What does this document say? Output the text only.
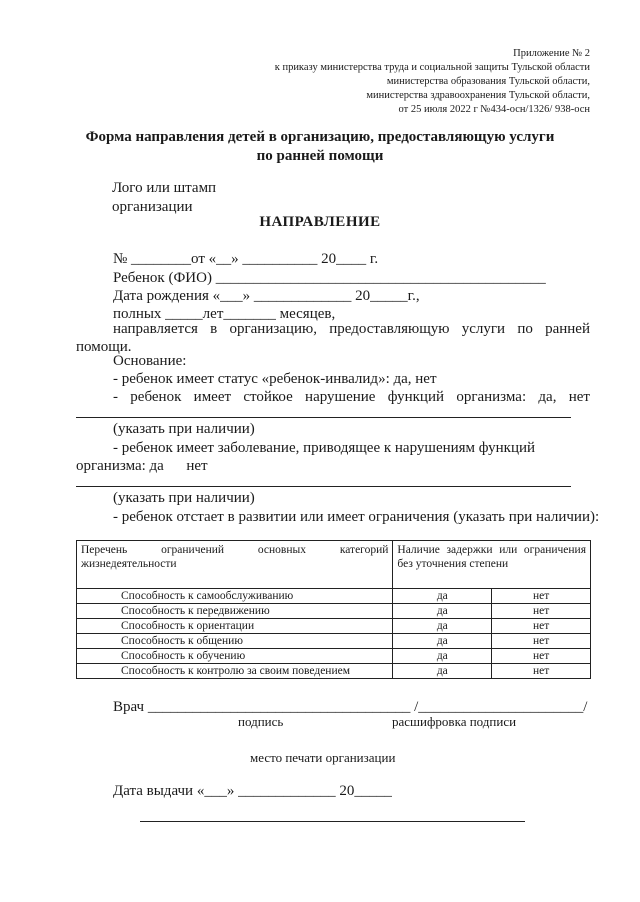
Приложение № 2
к приказу министерства труда и социальной защиты Тульской области
министерства образования Тульской области,
министерства здравоохранения Тульской области,
от 25 июля 2022 г №434-осн/1326/ 938-осн
Форма направления детей в организацию, предоставляющую услуги
по ранней помощи
Лого или штамп
организации
НАПРАВЛЕНИЕ
№ ________от «__» __________ 20____ г.
Ребенок (ФИО) ____________________________________________
Дата рождения «___» _____________ 20_____г.,
полных _____лет_______ месяцев,
направляется в организацию, предоставляющую услуги по ранней
помощи.
Основание:
- ребенок имеет статус «ребенок-инвалид»: да, нет
- ребенок имеет стойкое нарушение функций организма: да, нет
(указать при наличии)
- ребенок имеет заболевание, приводящее к нарушениям функций
организма: да      нет
(указать при наличии)
- ребенок отстает в развитии или имеет ограничения (указать при наличии):
Перечень ограничений основных категорий жизнедеятельности	Наличие задержки или ограничения без уточнения степени	
Способность к самообслуживанию	да	нет
Способность к передвижению	да	нет
Способность к ориентации	да	нет
Способность к общению	да	нет
Способность к обучению	да	нет
Способность к контролю за своим поведением	да	нет
Врач ___________________________________ /______________________/
подпись	расшифровка подписи
место печати организации
Дата выдачи «___» _____________ 20_____
